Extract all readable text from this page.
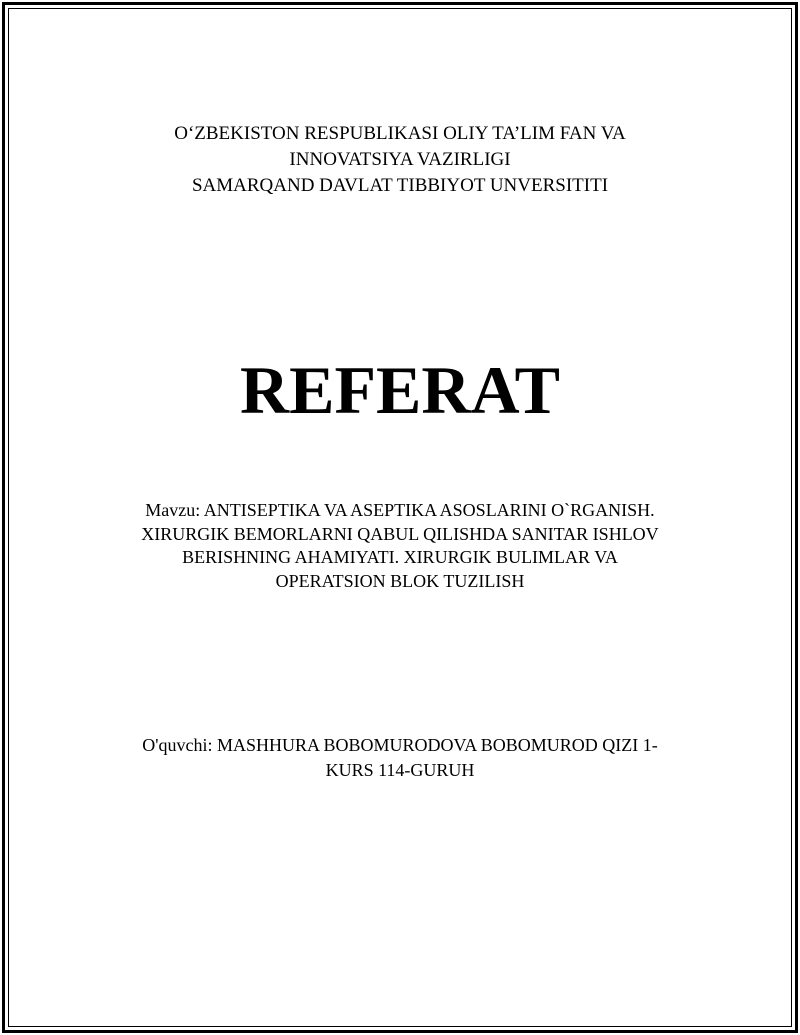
O‘ZBEKISTON RESPUBLIKASI OLIY TA’LIM FAN VA
INNOVATSIYA VAZIRLIGI
SAMARQAND DAVLAT TIBBIYOT UNVERSITITI
REFERAT
Mavzu: ANTISEPTIKA VA ASEPTIKA ASOSLARINI O`RGANISH.
XIRURGIK BEMORLARNI QABUL QILISHDA SANITAR ISHLOV
BERISHNING AHAMIYATI. XIRURGIK BULIMLAR VA
OPERATSION BLOK TUZILISH
O'quvchi: MASHHURA BOBOMURODOVA BOBOMUROD QIZI 1-
KURS 114-GURUH
